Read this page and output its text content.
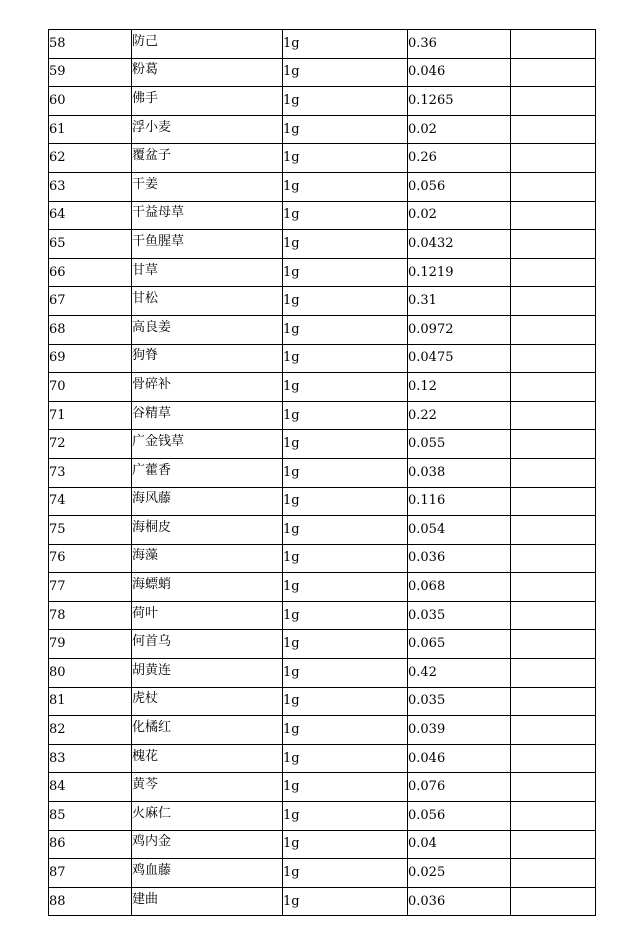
58	防己	1g	0.36	
59	粉葛	1g	0.046	
60	佛手	1g	0.1265	
61	浮小麦	1g	0.02	
62	覆盆子	1g	0.26	
63	干姜	1g	0.056	
64	干益母草	1g	0.02	
65	干鱼腥草	1g	0.0432	
66	甘草	1g	0.1219	
67	甘松	1g	0.31	
68	高良姜	1g	0.0972	
69	狗脊	1g	0.0475	
70	骨碎补	1g	0.12	
71	谷精草	1g	0.22	
72	广金钱草	1g	0.055	
73	广藿香	1g	0.038	
74	海风藤	1g	0.116	
75	海桐皮	1g	0.054	
76	海藻	1g	0.036	
77	海螵蛸	1g	0.068	
78	荷叶	1g	0.035	
79	何首乌	1g	0.065	
80	胡黄连	1g	0.42	
81	虎杖	1g	0.035	
82	化橘红	1g	0.039	
83	槐花	1g	0.046	
84	黄芩	1g	0.076	
85	火麻仁	1g	0.056	
86	鸡内金	1g	0.04	
87	鸡血藤	1g	0.025	
88	建曲	1g	0.036	
